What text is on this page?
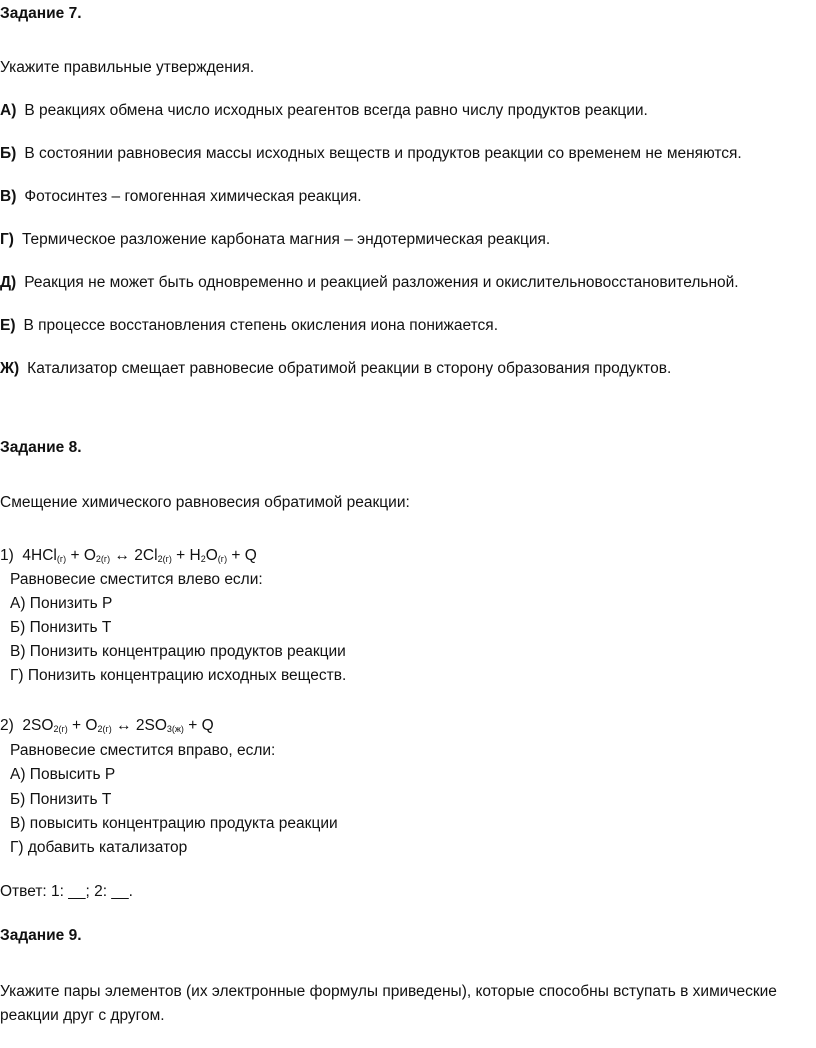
Задание 7.
Укажите правильные утверждения.
А) В реакциях обмена число исходных реагентов всегда равно числу продуктов реакции.
Б) В состоянии равновесия массы исходных веществ и продуктов реакции со временем не меняются.
В) Фотосинтез – гомогенная химическая реакция.
Г) Термическое разложение карбоната магния – эндотермическая реакция.
Д) Реакция не может быть одновременно и реакцией разложения и окислительновосстановительной.
Е) В процессе восстановления степень окисления иона понижается.
Ж) Катализатор смещает равновесие обратимой реакции в сторону образования продуктов.
Задание 8.
Смещение химического равновесия обратимой реакции:
1) $4HCl_{(г)} + O_{2(г)}$ ↔ $2Cl_{2(г)} + H_2O_{(г)} + Q$
Равновесие сместится влево если:
А) Понизить Р
Б) Понизить Т
В) Понизить концентрацию продуктов реакции
Г) Понизить концентрацию исходных веществ.
2) $2SO_{2(г)} + O_{2(г)}$ ↔ $2SO_{3(ж)} + Q$
Равновесие сместится вправо, если:
А) Повысить Р
Б) Понизить Т
В) повысить концентрацию продукта реакции
Г) добавить катализатор
Ответ: 1: __; 2: __.
Задание 9.
Укажите пары элементов (их электронные формулы приведены), которые способны вступать в химические реакции друг с другом.
